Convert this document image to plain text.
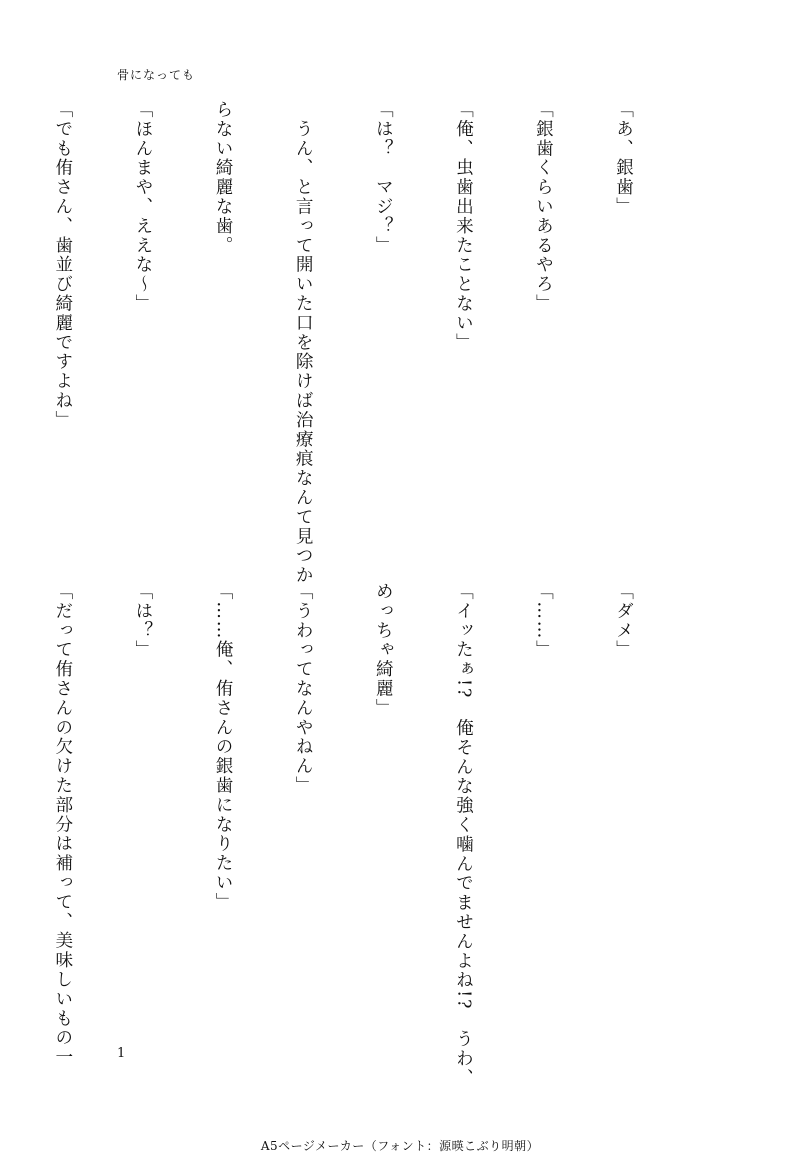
骨になっても

「あ、銀歯」

「銀歯くらいあるやろ」

「俺、虫歯出来たことない」

「は？　マジ？」

　うん、と言って開いた口を除けば治療痕なんて見つか

らない綺麗な歯。

「ほんまや、ええな〜」

「でも侑さん、歯並び綺麗ですよね」

「ダメ」

「……」

「イッたぁ!?　俺そんな強く噛んでませんよね!?　うわ、

めっちゃ綺麗」

「うわってなんやねん」

「……俺、侑さんの銀歯になりたい」

「は？」

「だって侑さんの欠けた部分は補って、美味しいもの一

	1
A5ページメーカー（フォント：源暎こぶり明朝）
